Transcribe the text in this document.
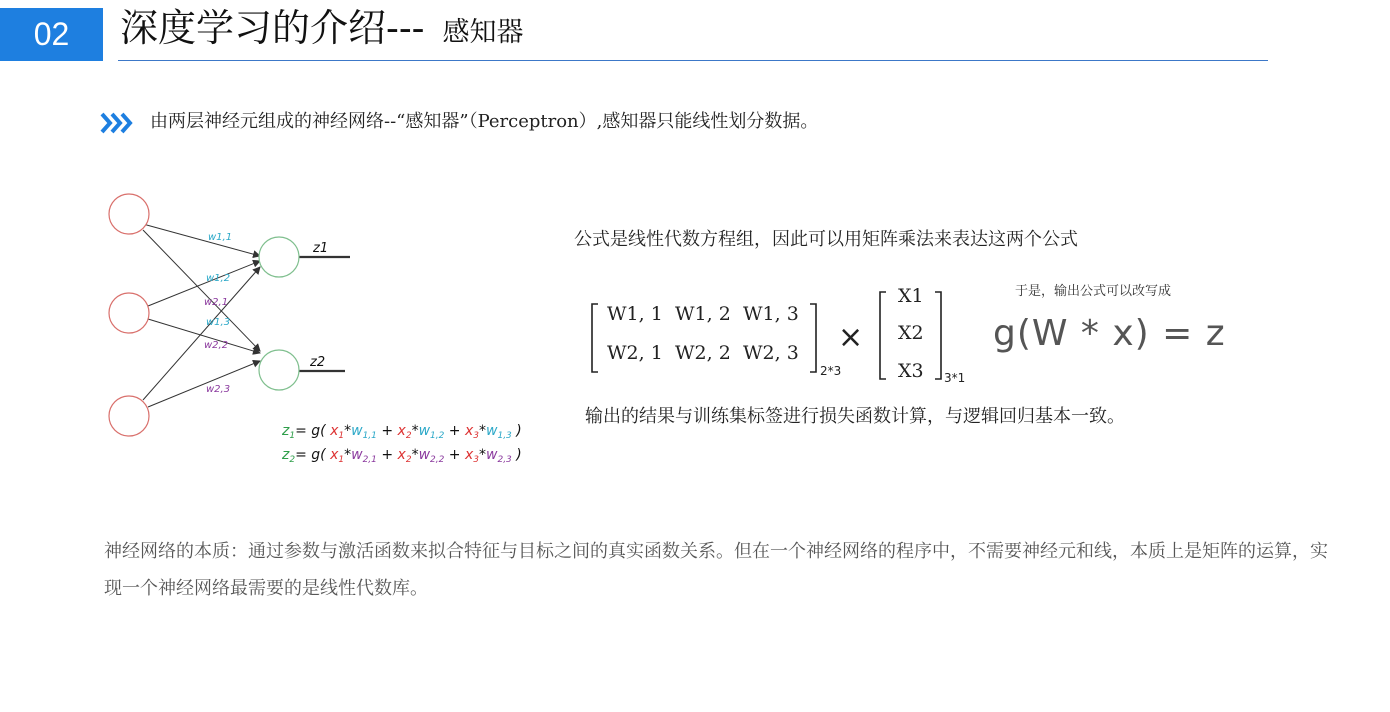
02	深度学习的介绍--- 感知器
由两层神经元组成的神经网络--“感知器”（Perceptron）,感知器只能线性划分数据。
w1,1
w1,2
w2,1
w1,3
w2,2
w2,3
z1
z2
$z_1= g$( $x_1*w_{1,1} + x_2*w_{1,2} + x_3*w_{1,3}$ )
$z_2= g$( $x_1*w_{2,1} + x_2*w_{2,2} + x_3*w_{2,3}$ )
公式是线性代数方程组，因此可以用矩阵乘法来表达这两个公式
W1, 1 W1, 2 W1, 3
W2, 1 W2, 2 W2, 3
X1
X2
X3
2*3
×
3*1
于是，输出公式可以改写成
g(W * x) = z
输出的结果与训练集标签进行损失函数计算，与逻辑回归基本一致。
神经网络的本质：通过参数与激活函数来拟合特征与目标之间的真实函数关系。但在一个神经网络的程序中，不需要神经元和线，本质上是矩阵的运算，实现一个神经网络最需要的是线性代数库。
